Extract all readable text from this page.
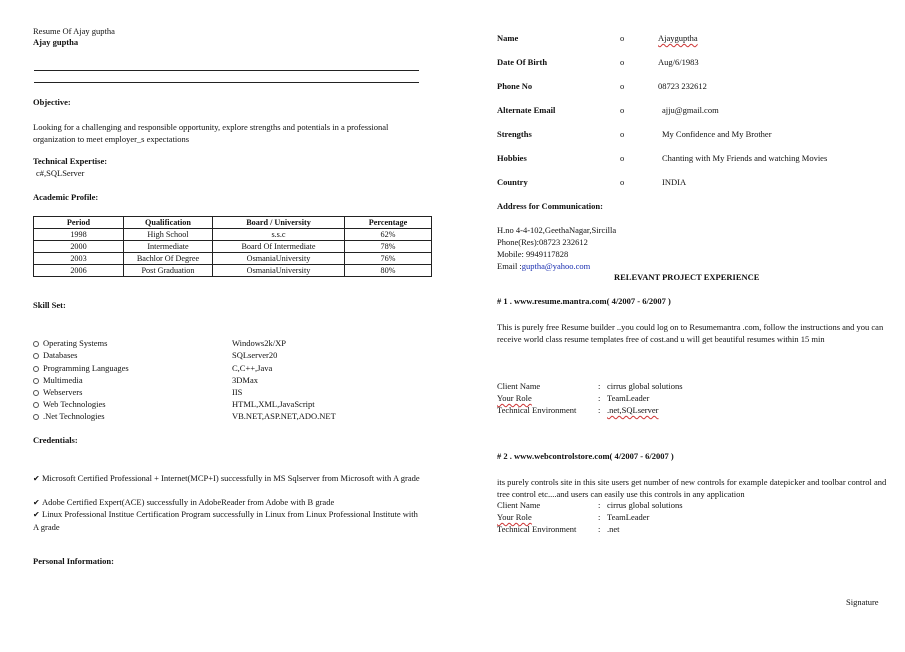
Resume Of Ajay guptha
Ajay guptha
Objective:
Looking for a challenging and responsible opportunity, explore strengths and potentials in a professional organization to meet employer_s expectations
Technical Expertise:
c#,SQLServer
Academic Profile:
Period	Qualification	Board / University	Percentage
1998	High School	s.s.c	62%
2000	Intermediate	Board Of Intermediate	78%
2003	Bachlor Of Degree	OsmaniaUniversity	76%
2006	Post Graduation	OsmaniaUniversity	80%
Skill Set:
Operating Systems	Windows2k/XP
Databases	SQLserver20
Programming Languages	C,C++,Java
Multimedia	3DMax
Webservers	IIS
Web Technologies	HTML,XML,JavaScript
.Net Technologies	VB.NET,ASP.NET,ADO.NET
Credentials:
✔ Microsoft Certified Professional + Internet(MCP+I) successfully in MS Sqlserver from Microsoft with A grade
✔ Adobe Certified Expert(ACE) successfully in AdobeReader from Adobe with B grade
✔ Linux Professional Institue Certification Program successfully in Linux from Linux Professional Institute with A grade
Personal Information:
Name	o	Ajayguptha
Date Of Birth	o	Aug/6/1983
Phone No	o	08723 232612
Alternate Email	o	ajju@gmail.com
Strengths	o	My Confidence and My Brother
Hobbies	o	Chanting with My Friends and watching Movies
Country	o	INDIA
Address for Communication:
H.no 4-4-102,GeethaNagar,Sircilla
Phone(Res):08723 232612
Mobile: 9949117828
Email :guptha@yahoo.com
RELEVANT PROJECT EXPERIENCE
# 1 . www.resume.mantra.com( 4/2007 - 6/2007 )
This is purely free Resume builder ..you could log on to Resumemantra .com, follow the instructions and you can receive world class resume templates free of cost.and u will get beautiful resumes within 15 min
Client Name	: cirrus global solutions
Your Role	: TeamLeader
Technical Environment	: .net,SQLserver
# 2 . www.webcontrolstore.com( 4/2007 - 6/2007 )
its purely controls site in this site users get number of new controls for example datepicker and toolbar control and tree control etc....and users can easily use this controls in any application
Client Name	: cirrus global solutions
Your Role	: TeamLeader
Technical Environment	: .net
Signature
